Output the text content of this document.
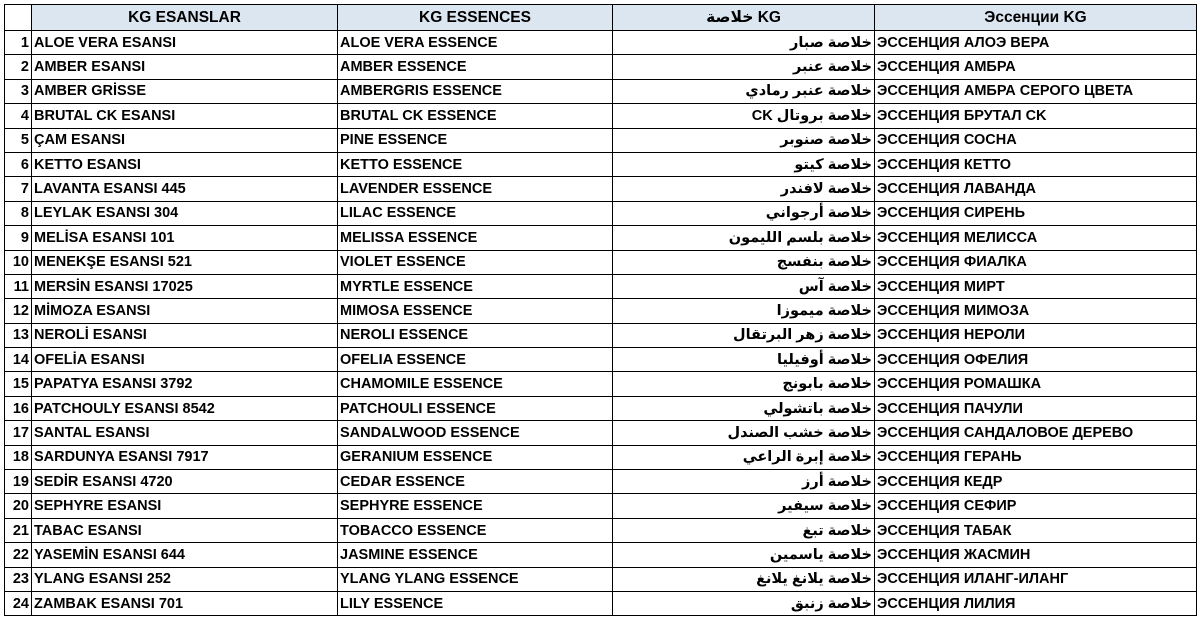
	KG ESANSLAR	KG ESSENCES	KG خلاصة	Эссенции KG
1	ALOE VERA ESANSI	ALOE VERA ESSENCE	خلاصة صبار	ЭССЕНЦИЯ АЛОЭ ВЕРА
2	AMBER ESANSI	AMBER ESSENCE	خلاصة عنبر	ЭССЕНЦИЯ АМБРА
3	AMBER GRİSSE	AMBERGRIS ESSENCE	خلاصة عنبر رمادي	ЭССЕНЦИЯ АМБРА СЕРОГО ЦВЕТА
4	BRUTAL CK ESANSI	BRUTAL CK ESSENCE	خلاصة بروتال CK	ЭССЕНЦИЯ БРУТАЛ CK
5	ÇAM ESANSI	PINE ESSENCE	خلاصة صنوبر	ЭССЕНЦИЯ СОСНА
6	KETTO ESANSI	KETTO ESSENCE	خلاصة كيتو	ЭССЕНЦИЯ КЕТТО
7	LAVANTA ESANSI 445	LAVENDER ESSENCE	خلاصة لافندر	ЭССЕНЦИЯ ЛАВАНДА
8	LEYLAK ESANSI 304	LILAC ESSENCE	خلاصة أرجواني	ЭССЕНЦИЯ СИРЕНЬ
9	MELİSA ESANSI 101	MELISSA ESSENCE	خلاصة بلسم الليمون	ЭССЕНЦИЯ МЕЛИССА
10	MENEKŞE ESANSI 521	VIOLET ESSENCE	خلاصة بنفسج	ЭССЕНЦИЯ ФИАЛКА
11	MERSİN ESANSI 17025	MYRTLE ESSENCE	خلاصة آس	ЭССЕНЦИЯ МИРТ
12	MİMOZA ESANSI	MIMOSA ESSENCE	خلاصة ميموزا	ЭССЕНЦИЯ МИМОЗА
13	NEROLİ ESANSI	NEROLI ESSENCE	خلاصة زهر البرتقال	ЭССЕНЦИЯ НЕРОЛИ
14	OFELİA ESANSI	OFELIA ESSENCE	خلاصة أوفيليا	ЭССЕНЦИЯ ОФЕЛИЯ
15	PAPATYA ESANSI 3792	CHAMOMILE ESSENCE	خلاصة بابونج	ЭССЕНЦИЯ РОМАШКА
16	PATCHOULY ESANSI 8542	PATCHOULI ESSENCE	خلاصة باتشولي	ЭССЕНЦИЯ ПАЧУЛИ
17	SANTAL ESANSI	SANDALWOOD ESSENCE	خلاصة خشب الصندل	ЭССЕНЦИЯ САНДАЛОВОЕ ДЕРЕВО
18	SARDUNYA ESANSI 7917	GERANIUM ESSENCE	خلاصة إبرة الراعي	ЭССЕНЦИЯ ГЕРАНЬ
19	SEDİR ESANSI 4720	CEDAR ESSENCE	خلاصة أرز	ЭССЕНЦИЯ КЕДР
20	SEPHYRE ESANSI	SEPHYRE ESSENCE	خلاصة سيفير	ЭССЕНЦИЯ СЕФИР
21	TABAC ESANSI	TOBACCO ESSENCE	خلاصة تبغ	ЭССЕНЦИЯ ТАБАК
22	YASEMİN ESANSI 644	JASMINE ESSENCE	خلاصة ياسمين	ЭССЕНЦИЯ ЖАСМИН
23	YLANG ESANSI 252	YLANG YLANG ESSENCE	خلاصة يلانغ يلانغ	ЭССЕНЦИЯ ИЛАНГ-ИЛАНГ
24	ZAMBAK ESANSI 701	LILY ESSENCE	خلاصة زنبق	ЭССЕНЦИЯ ЛИЛИЯ
